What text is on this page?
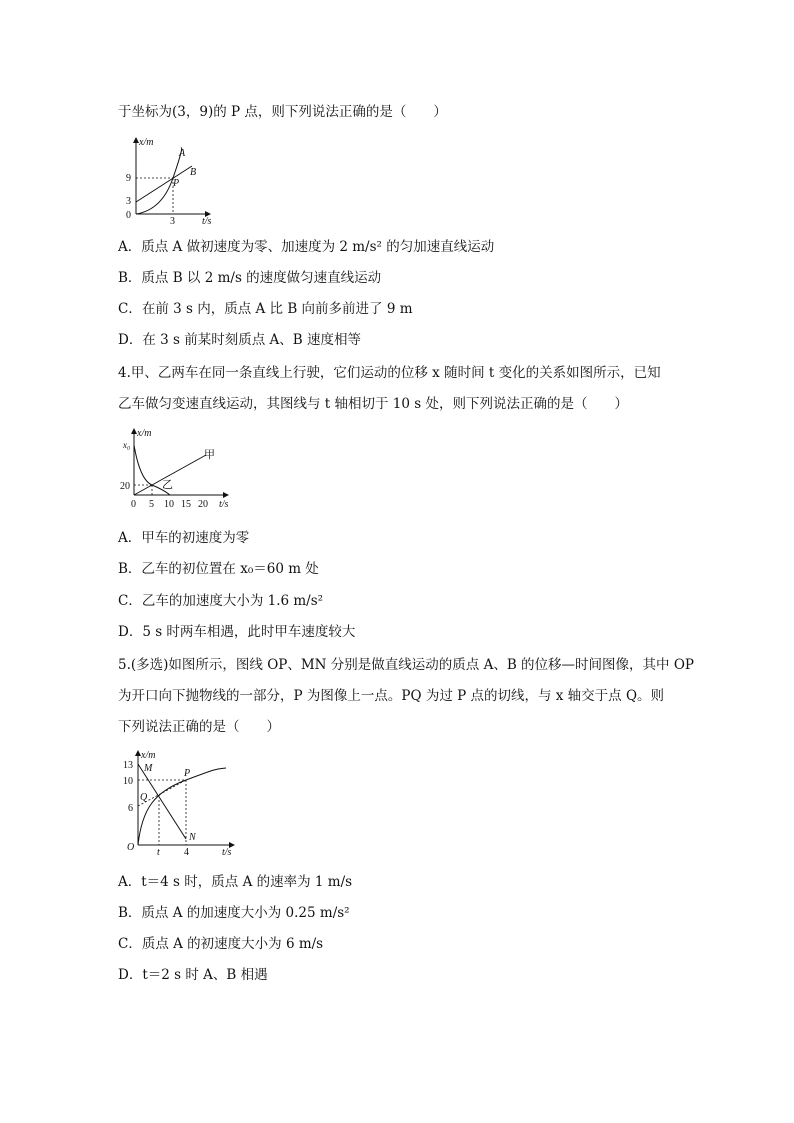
于坐标为(3，9)的 P 点，则下列说法正确的是（　　）
x/m
t/s
9
3
0
3
A
B
P
A．质点 A 做初速度为零、加速度为 2 m/s² 的匀加速直线运动
B．质点 B 以 2 m/s 的速度做匀速直线运动
C．在前 3 s 内，质点 A 比 B 向前多前进了 9 m
D．在 3 s 前某时刻质点 A、B 速度相等
4.甲、乙两车在同一条直线上行驶，它们运动的位移 x 随时间 t 变化的关系如图所示，已知
乙车做匀变速直线运动，其图线与 t 轴相切于 10 s 处，则下列说法正确的是（　　）
x/m
t/s
x₀
20
0 5 10 15 20
甲
乙
A．甲车的初速度为零
B．乙车的初位置在 x₀＝60 m 处
C．乙车的加速度大小为 1.6 m/s²
D．5 s 时两车相遇，此时甲车速度较大
5.(多选)如图所示，图线 OP、MN 分别是做直线运动的质点 A、B 的位移—时间图像，其中 OP
为开口向下抛物线的一部分，P 为图像上一点。PQ 为过 P 点的切线，与 x 轴交于点 Q。则
下列说法正确的是（　　）
x/m
t/s
13
10
6
O t 4
M	P
Q
N
A．t＝4 s 时，质点 A 的速率为 1 m/s
B．质点 A 的加速度大小为 0.25 m/s²
C．质点 A 的初速度大小为 6 m/s
D．t＝2 s 时 A、B 相遇
